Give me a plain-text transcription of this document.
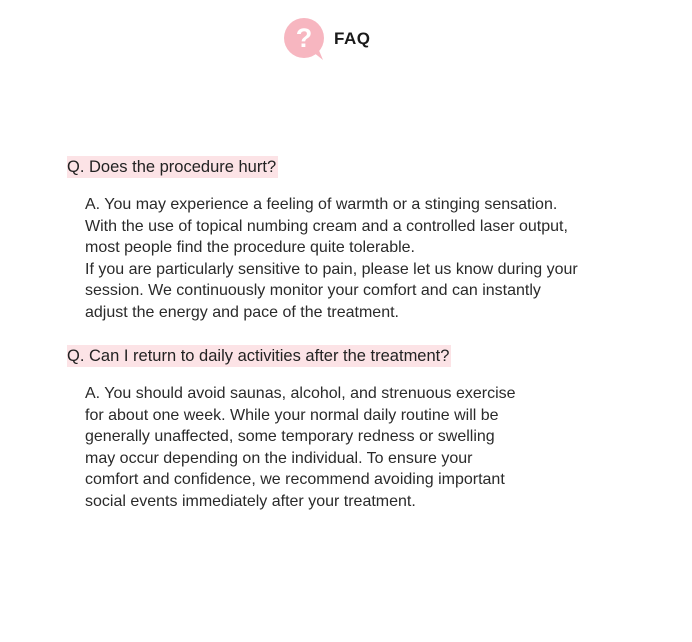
? FAQ
Q. Does the procedure hurt?

A. You may experience a feeling of warmth or a stinging sensation.

With the use of topical numbing cream and a controlled laser output,

most people find the procedure quite tolerable.

If you are particularly sensitive to pain, please let us know during your

session. We continuously monitor your comfort and can instantly

adjust the energy and pace of the treatment.

Q. Can I return to daily activities after the treatment?

A. You should avoid saunas, alcohol, and strenuous exercise

for about one week. While your normal daily routine will be

generally unaffected, some temporary redness or swelling

may occur depending on the individual. To ensure your

comfort and confidence, we recommend avoiding important

social events immediately after your treatment.
